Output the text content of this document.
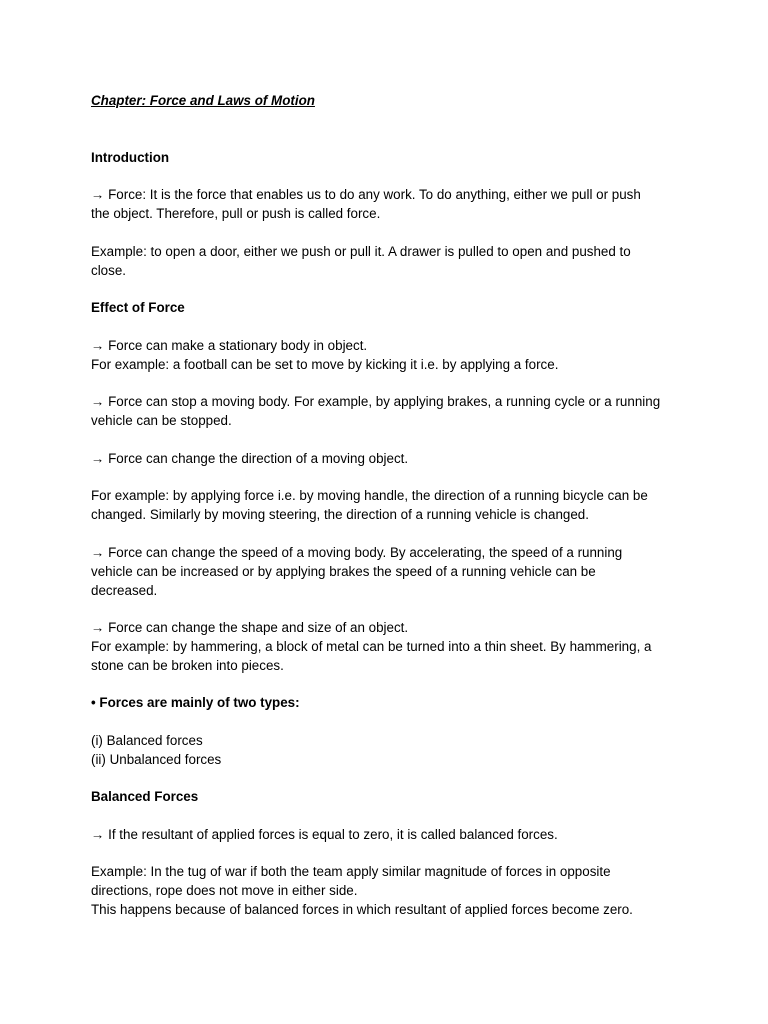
Chapter: Force and Laws of Motion
Introduction
→ Force: It is the force that enables us to do any work. To do anything, either we pull or push
the object. Therefore, pull or push is called force.
Example: to open a door, either we push or pull it. A drawer is pulled to open and pushed to
close.
Effect of Force
→ Force can make a stationary body in object.
For example: a football can be set to move by kicking it i.e. by applying a force.
→ Force can stop a moving body. For example, by applying brakes, a running cycle or a running
vehicle can be stopped.
→ Force can change the direction of a moving object.
For example: by applying force i.e. by moving handle, the direction of a running bicycle can be
changed. Similarly by moving steering, the direction of a running vehicle is changed.
→ Force can change the speed of a moving body. By accelerating, the speed of a running
vehicle can be increased or by applying brakes the speed of a running vehicle can be
decreased.
→ Force can change the shape and size of an object.
For example: by hammering, a block of metal can be turned into a thin sheet. By hammering, a
stone can be broken into pieces.
• Forces are mainly of two types:
(i) Balanced forces
(ii) Unbalanced forces
Balanced Forces
→ If the resultant of applied forces is equal to zero, it is called balanced forces.
Example: In the tug of war if both the team apply similar magnitude of forces in opposite
directions, rope does not move in either side.
This happens because of balanced forces in which resultant of applied forces become zero.
